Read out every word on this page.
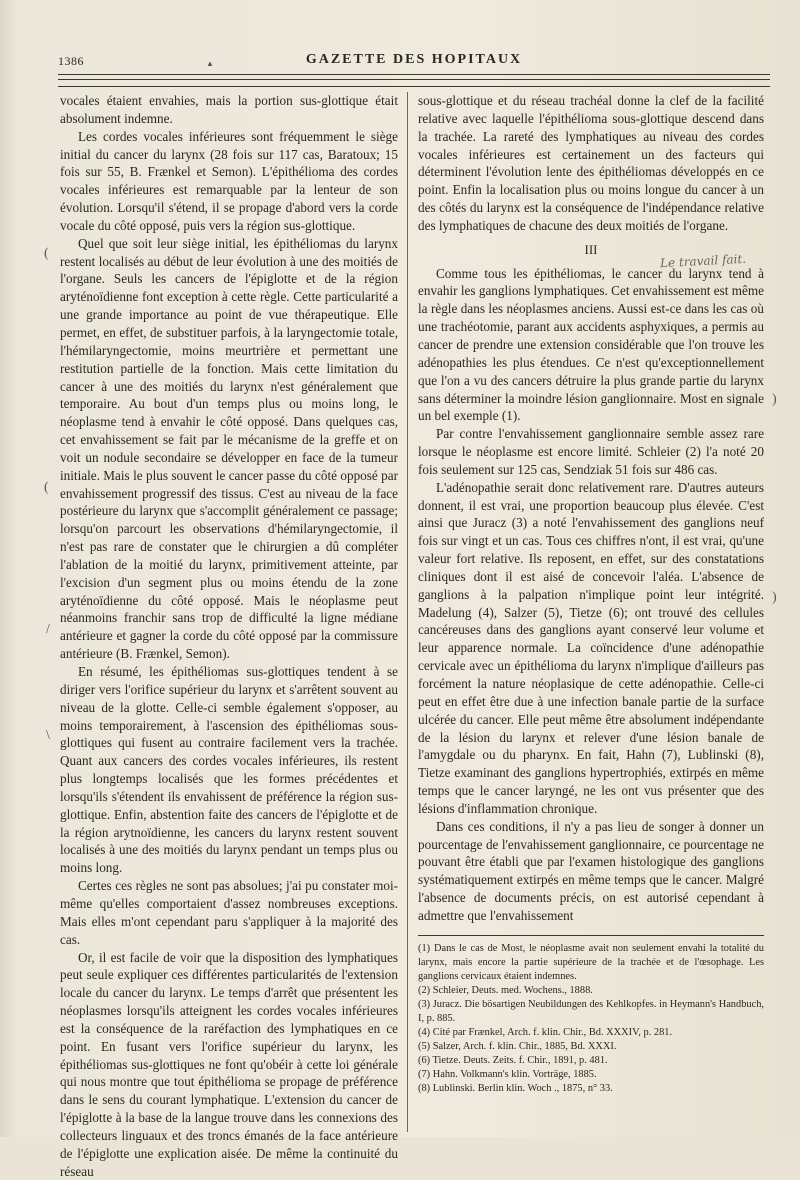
1386	▲	GAZETTE DES HOPITAUX

vocales étaient envahies, mais la portion sus-glottique était absolument indemne.

Les cordes vocales inférieures sont fréquemment le siège initial du cancer du larynx (28 fois sur 117 cas, Baratoux; 15 fois sur 55, B. Frænkel et Semon). L'épithélioma des cordes vocales inférieures est remarquable par la lenteur de son évolution. Lorsqu'il s'étend, il se propage d'abord vers la corde vocale du côté opposé, puis vers la région sus-glottique.

Quel que soit leur siège initial, les épithéliomas du larynx restent localisés au début de leur évolution à une des moitiés de l'organe. Seuls les cancers de l'épiglotte et de la région aryténoïdienne font exception à cette règle. Cette particularité a une grande importance au point de vue thérapeutique. Elle permet, en effet, de substituer parfois, à la laryngectomie totale, l'hémilaryngectomie, moins meurtrière et permettant une restitution partielle de la fonction. Mais cette limitation du cancer à une des moitiés du larynx n'est généralement que temporaire. Au bout d'un temps plus ou moins long, le néoplasme tend à envahir le côté opposé. Dans quelques cas, cet envahissement se fait par le mécanisme de la greffe et on voit un nodule secondaire se développer en face de la tumeur initiale. Mais le plus souvent le cancer passe du côté opposé par envahissement progressif des tissus. C'est au niveau de la face postérieure du larynx que s'accomplit généralement ce passage; lorsqu'on parcourt les observations d'hémilaryngectomie, il n'est pas rare de constater que le chirurgien a dû compléter l'ablation de la moitié du larynx, primitivement atteinte, par l'excision d'un segment plus ou moins étendu de la zone aryténoïdienne du côté opposé. Mais le néoplasme peut néanmoins franchir sans trop de difficulté la ligne médiane antérieure et gagner la corde du côté opposé par la commissure antérieure (B. Frænkel, Semon).

En résumé, les épithéliomas sus-glottiques tendent à se diriger vers l'orifice supérieur du larynx et s'arrêtent souvent au niveau de la glotte. Celle-ci semble également s'opposer, au moins temporairement, à l'ascension des épithéliomas sous-glottiques qui fusent au contraire facilement vers la trachée. Quant aux cancers des cordes vocales inférieures, ils restent plus longtemps localisés que les formes précédentes et lorsqu'ils s'étendent ils envahissent de préférence la région sus-glottique. Enfin, abstention faite des cancers de l'épiglotte et de la région arytnoïdienne, les cancers du larynx restent souvent localisés à une des moitiés du larynx pendant un temps plus ou moins long.

Certes ces règles ne sont pas absolues; j'ai pu constater moi-même qu'elles comportaient d'assez nombreuses exceptions. Mais elles m'ont cependant paru s'appliquer à la majorité des cas.

Or, il est facile de voir que la disposition des lymphatiques peut seule expliquer ces différentes particularités de l'extension locale du cancer du larynx. Le temps d'arrêt que présentent les néoplasmes lorsqu'ils atteignent les cordes vocales inférieures est la conséquence de la raréfaction des lymphatiques en ce point. En fusant vers l'orifice supérieur du larynx, les épithéliomas sus-glottiques ne font qu'obéir à cette loi générale qui nous montre que tout épithélioma se propage de préférence dans le sens du courant lymphatique. L'extension du cancer de l'épiglotte à la base de la langue trouve dans les connexions des collecteurs linguaux et des troncs émanés de la face antérieure de l'épiglotte une explication aisée. De même la continuité du réseau

sous-glottique et du réseau trachéal donne la clef de la facilité relative avec laquelle l'épithélioma sous-glottique descend dans la trachée. La rareté des lymphatiques au niveau des cordes vocales inférieures est certainement un des facteurs qui déterminent l'évolution lente des épithéliomas développés en ce point. Enfin la localisation plus ou moins longue du cancer à un des côtés du larynx est la conséquence de l'indépendance relative des lymphatiques de chacune des deux moitiés de l'organe.

III

Comme tous les épithéliomas, le cancer du larynx tend à envahir les ganglions lymphatiques. Cet envahissement est même la règle dans les néoplasmes anciens. Aussi est-ce dans les cas où une trachéotomie, parant aux accidents asphyxiques, a permis au cancer de prendre une extension considérable que l'on trouve les adénopathies les plus étendues. Ce n'est qu'exceptionnellement que l'on a vu des cancers détruire la plus grande partie du larynx sans déterminer la moindre lésion ganglionnaire. Most en signale un bel exemple (1).

Par contre l'envahissement ganglionnaire semble assez rare lorsque le néoplasme est encore limité. Schleier (2) l'a noté 20 fois seulement sur 125 cas, Sendziak 51 fois sur 486 cas.

L'adénopathie serait donc relativement rare. D'autres auteurs donnent, il est vrai, une proportion beaucoup plus élevée. C'est ainsi que Juracz (3) a noté l'envahissement des ganglions neuf fois sur vingt et un cas. Tous ces chiffres n'ont, il est vrai, qu'une valeur fort relative. Ils reposent, en effet, sur des constatations cliniques dont il est aisé de concevoir l'aléa. L'absence de ganglions à la palpation n'implique point leur intégrité. Madelung (4), Salzer (5), Tietze (6); ont trouvé des cellules cancéreuses dans des ganglions ayant conservé leur volume et leur apparence normale. La coïncidence d'une adénopathie cervicale avec un épithélioma du larynx n'implique d'ailleurs pas forcément la nature néoplasique de cette adénopathie. Celle-ci peut en effet être due à une infection banale partie de la surface ulcérée du cancer. Elle peut même être absolument indépendante de la lésion du larynx et relever d'une lésion banale de l'amygdale ou du pharynx. En fait, Hahn (7), Lublinski (8), Tietze examinant des ganglions hypertrophiés, extirpés en même temps que le cancer laryngé, ne les ont vus présenter que des lésions d'inflammation chronique.

Dans ces conditions, il n'y a pas lieu de songer à donner un pourcentage de l'envahissement ganglionnaire, ce pourcentage ne pouvant être établi que par l'examen histologique des ganglions systématiquement extirpés en même temps que le cancer. Malgré l'absence de documents précis, on est autorisé cependant à admettre que l'envahissement

(1) Dans le cas de Most, le néoplasme avait non seulement envahi la totalité du larynx, mais encore la partie supérieure de la trachée et de l'œsophage. Les ganglions cervicaux étaient indemnes.

(2) Schleier, Deuts. med. Wochens., 1888.

(3) Juracz. Die bösartigen Neubildungen des Kehlkopfes. in Heymann's Handbuch, I, p. 885.

(4) Cité par Frænkel, Arch. f. klin. Chir., Bd. XXXIV, p. 281.

(5) Salzer, Arch. f. klin. Chir., 1885, Bd. XXXI.

(6) Tietze. Deuts. Zeits. f. Chir., 1891, p. 481.

(7) Hahn. Volkmann's klin. Vorträge, 1885.

(8) Lublinski. Berlin klin. Woch ., 1875, n° 33.

Le travail fait.
(
(
/
\
)
)
